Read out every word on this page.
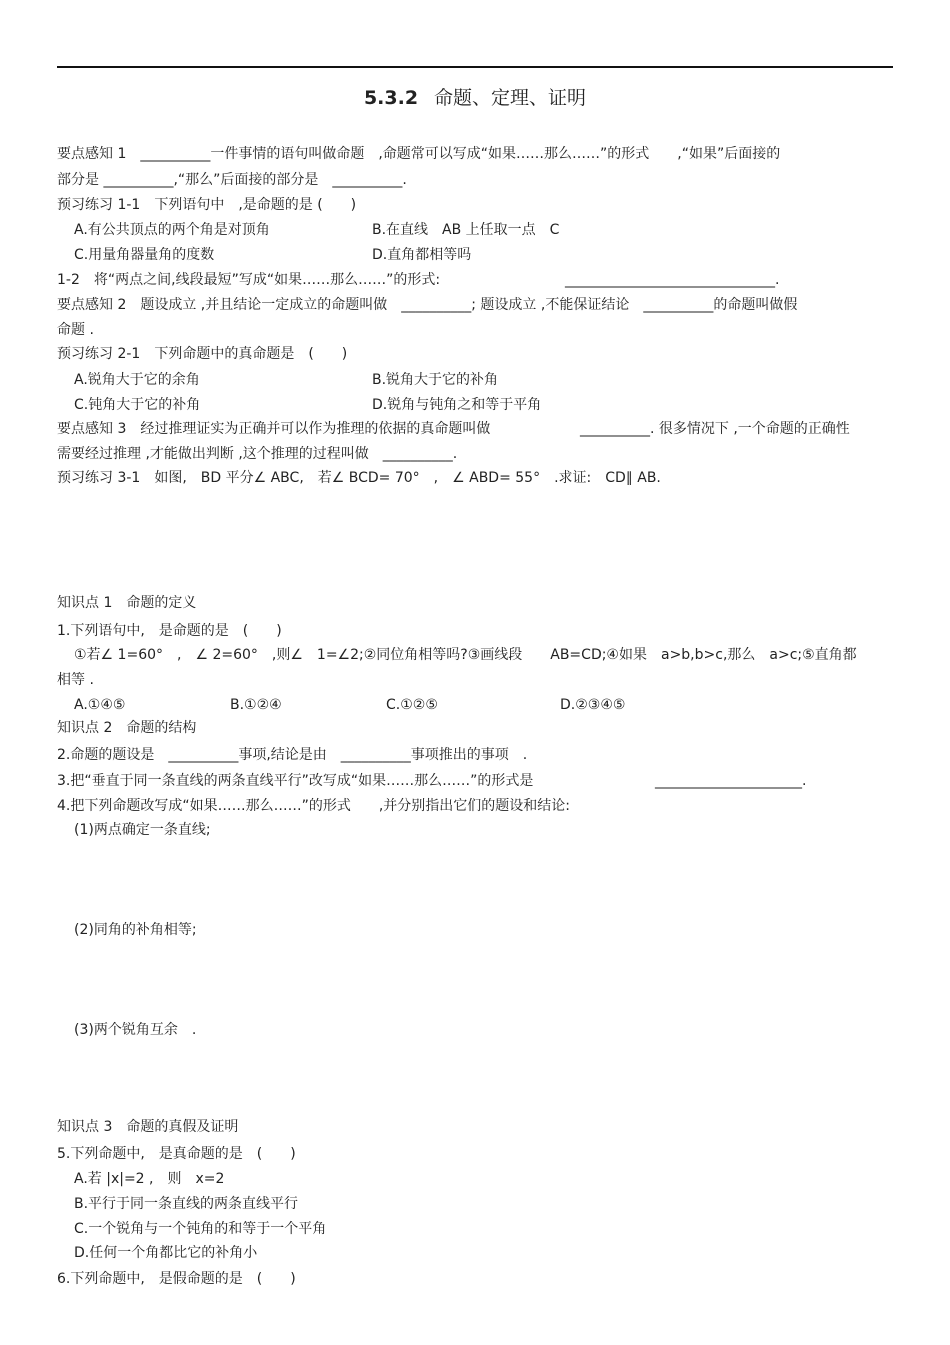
5.3.2 命题、定理、证明
要点感知 1　__________一件事情的语句叫做命题　,命题常可以写成“如果……那么……”的形式　　,“如果”后面接的
部分是 __________,“那么”后面接的部分是　__________.
预习练习 1-1　下列语句中　,是命题的是 (　　)
A.有公共顶点的两个角是对顶角	B.在直线　AB 上任取一点　C
C.用量角器量角的度数	D.直角都相等吗
1-2　将“两点之间,线段最短”写成“如果……那么……”的形式:	______________________________.
要点感知 2　题设成立 ,并且结论一定成立的命题叫做　__________; 题设成立 ,不能保证结论　__________的命题叫做假
命题 .
预习练习 2-1　下列命题中的真命题是　(　　)
A.锐角大于它的余角	B.锐角大于它的补角
C.钝角大于它的补角	D.锐角与钝角之和等于平角
要点感知 3　经过推理证实为正确并可以作为推理的依据的真命题叫做	__________. 很多情况下 ,一个命题的正确性
需要经过推理 ,才能做出判断 ,这个推理的过程叫做　__________.
预习练习 3-1　如图,　BD 平分∠ ABC,　若∠ BCD= 70°　,　∠ ABD= 55°　.求证:　CD∥ AB.
知识点 1　命题的定义
1.下列语句中,　是命题的是　(　　)
①若∠ 1=60°　,　∠ 2=60°　,则∠　1=∠2;②同位角相等吗?③画线段　　AB=CD;④如果　a>b,b>c,那么　a>c;⑤直角都
相等 .
A.①④⑤	B.①②④	C.①②⑤	D.②③④⑤
知识点 2　命题的结构
2.命题的题设是　__________事项,结论是由　__________事项推出的事项　.
3.把“垂直于同一条直线的两条直线平行”改写成“如果……那么……”的形式是	_____________________.
4.把下列命题改写成“如果……那么……”的形式　　,并分别指出它们的题设和结论:
(1)两点确定一条直线;
(2)同角的补角相等;
(3)两个锐角互余　.
知识点 3　命题的真假及证明
5.下列命题中,　是真命题的是　(　　)
A.若 |x|=2 ,　则　x=2
B.平行于同一条直线的两条直线平行
C.一个锐角与一个钝角的和等于一个平角
D.任何一个角都比它的补角小
6.下列命题中,　是假命题的是　(　　)
